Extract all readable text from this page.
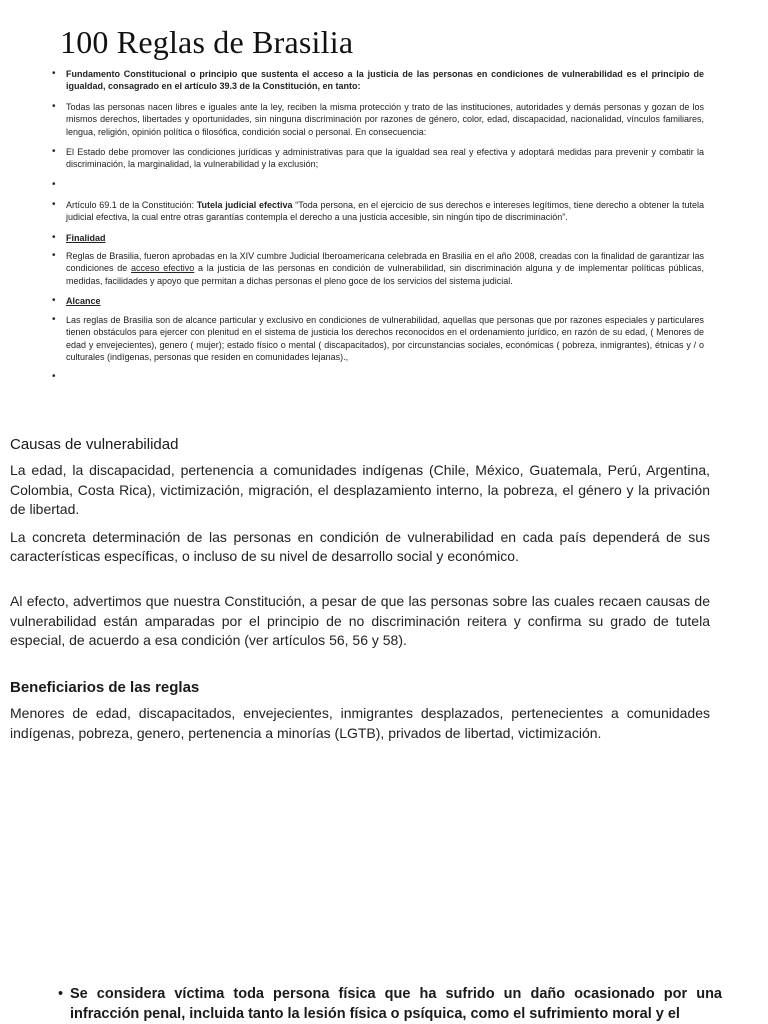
100 Reglas de Brasilia
• Fundamento Constitucional o principio que sustenta el acceso a la justicia de las personas en condiciones de vulnerabilidad es el principio de igualdad, consagrado en el artículo 39.3 de la Constitución, en tanto:
• Todas las personas nacen libres e iguales ante la ley, reciben la misma protección y trato de las instituciones, autoridades y demás personas y gozan de los mismos derechos, libertades y oportunidades, sin ninguna discriminación por razones de género, color, edad, discapacidad, nacionalidad, vínculos familiares, lengua, religión, opinión política o filosófica, condición social o personal. En consecuencia:
• El Estado debe promover las condiciones jurídicas y administrativas para que la igualdad sea real y efectiva y adoptará medidas para prevenir y combatir la discriminación, la marginalidad, la vulnerabilidad y la exclusión;
•
• Artículo 69.1 de la Constitución: Tutela judicial efectiva “Toda persona, en el ejercicio de sus derechos e intereses legítimos, tiene derecho a obtener la tutela judicial efectiva, la cual entre otras garantías contempla el derecho a una justicia accesible, sin ningún tipo de discriminación”.
• Finalidad
• Reglas de Brasilia, fueron aprobadas en la XIV cumbre Judicial Iberoamericana celebrada en Brasilia en el año 2008, creadas con la finalidad de garantizar las condiciones de acceso efectivo a la justicia de las personas en condición de vulnerabilidad, sin discriminación alguna y de implementar políticas públicas, medidas, facilidades y apoyo que permitan a dichas personas el pleno goce de los servicios del sistema judicial.
• Alcance
• Las reglas de Brasilia son de alcance particular y exclusivo en condiciones de vulnerabilidad, aquellas que personas que por razones especiales y particulares tienen obstáculos para ejercer con plenitud en el sistema de justicia los derechos reconocidos en el ordenamiento jurídico, en razón de su edad, ( Menores de edad y envejecientes), genero ( mujer); estado físico o mental ( discapacitados), por circunstancias sociales, económicas ( pobreza, inmigrantes), étnicas y / o culturales (indígenas, personas que residen en comunidades lejanas).,
•
Causas de vulnerabilidad

La edad, la discapacidad, pertenencia a comunidades indígenas (Chile, México, Guatemala, Perú, Argentina, Colombia, Costa Rica), victimización, migración, el desplazamiento interno, la pobreza, el género y la privación de libertad.

La concreta determinación de las personas en condición de vulnerabilidad en cada país dependerá de sus características específicas, o incluso de su nivel de desarrollo social y económico.

Al efecto, advertimos que nuestra Constitución, a pesar de que las personas sobre las cuales recaen causas de vulnerabilidad están amparadas por el principio de no discriminación reitera y confirma su grado de tutela especial, de acuerdo a esa condición (ver artículos 56, 56 y 58).

Beneficiarios de las reglas

Menores de edad, discapacitados, envejecientes, inmigrantes desplazados, pertenecientes a comunidades indígenas, pobreza, genero, pertenencia a minorías (LGTB), privados de libertad, victimización.

• Se considera víctima toda persona física que ha sufrido un daño ocasionado por una infracción penal, incluida tanto la lesión física o psíquica, como el sufrimiento moral y el
